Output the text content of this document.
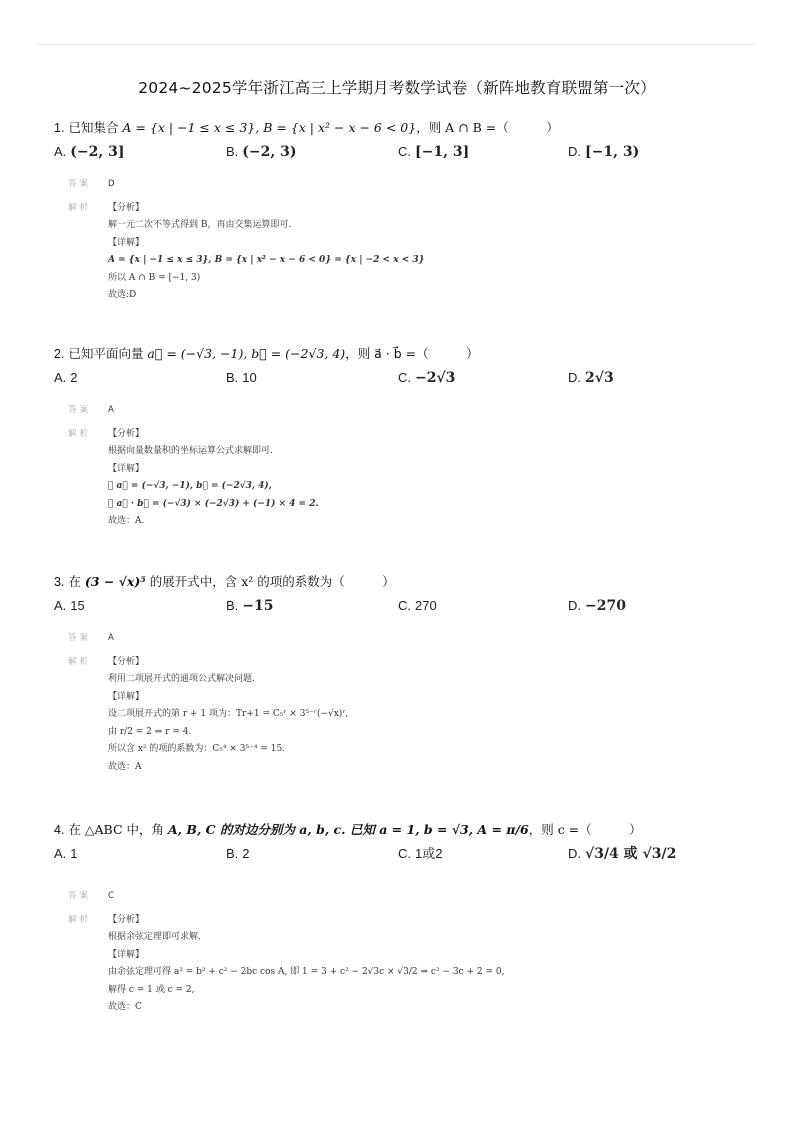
2024~2025学年浙江高三上学期月考数学试卷（新阵地教育联盟第一次）
1. 已知集合 A = {x | −1 ≤ x ≤ 3}, B = {x | x² − x − 6 < 0}，则 A ∩ B =（　　　）
A. (−2, 3]	B. (−2, 3)	C. [−1, 3]	D. [−1, 3)
答案 D
解析 【分析】
解一元二次不等式得到 B，再由交集运算即可.
【详解】
A = {x | −1 ≤ x ≤ 3}, B = {x | x² − x − 6 < 0} = {x | −2 < x < 3}
所以 A ∩ B = [−1, 3)
故选:D
2. 已知平面向量 a⃗ = (−√3, −1), b⃗ = (−2√3, 4)，则 a⃗ · b⃗ =（　　　）
A. 2	B. 10	C. −2√3	D. 2√3
答案 A
解析 【分析】
根据向量数量积的坐标运算公式求解即可.
【详解】
∵ a⃗ = (−√3, −1), b⃗ = (−2√3, 4),
∴ a⃗ · b⃗ = (−√3) × (−2√3) + (−1) × 4 = 2.
故选：A.
3. 在 (3 − √x)⁵ 的展开式中，含 x² 的项的系数为（　　　）
A. 15	B. −15	C. 270	D. −270
答案 A
解析 【分析】
利用二项展开式的通项公式解决问题.
【详解】
设二项展开式的第 r + 1 项为：Tr+1 = C₅ʳ × 3⁵⁻ʳ(−√x)ʳ,
由 r/2 = 2 ⇒ r = 4.
所以含 x² 的项的系数为：C₅⁴ × 3⁵⁻⁴ = 15.
故选：A
4. 在 △ABC 中，角 A, B, C 的对边分别为 a, b, c. 已知 a = 1, b = √3, A = π/6，则 c =（　　　）
A. 1	B. 2	C. 1或2	D. √3/4 或 √3/2
答案 C
解析 【分析】
根据余弦定理即可求解.
【详解】
由余弦定理可得 a² = b² + c² − 2bc cos A, 即 1 = 3 + c² − 2√3c × √3/2 ⇒ c² − 3c + 2 = 0,
解得 c = 1 或 c = 2,
故选：C
